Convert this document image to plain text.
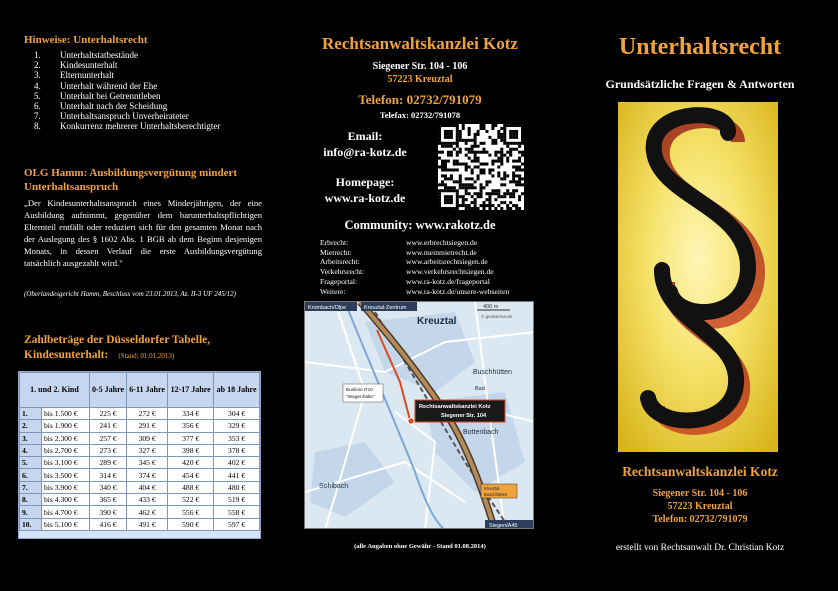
Hinweise: Unterhaltsrecht
1.	Unterhaltstatbestände
2.	Kindesunterhalt
3.	Elternunterhalt
4.	Unterhalt während der Ehe
5.	Unterhalt bei Getrenntleben
6.	Unterhalt nach der Scheidung
7.	Unterhaltsanspruch Unverheirateter
8.	Konkurrenz mehrerer Unterhaltsberechtigter
OLG Hamm: Ausbildungsvergütung mindert Unterhaltsanspruch
„Der Kindesunterhaltsanspruch eines Minderjährigen, der eine Ausbildung aufnimmt, gegenüber dem barunterhaltspflichtigen Elternteil entfällt oder reduziert sich für den gesamten Monat nach der Auslegung des § 1602 Abs. 1 BGB ab dem Beginn desjenigen Monats, in dessen Verlauf die erste Ausbildungsvergütung tatsächlich ausgezahlt wird."
(Oberlandesgericht Hamm, Beschluss vom 23.01.2013, Az. II-3 UF 245/12)
Zahlbeträge der Düsseldorfer Tabelle,
Kindesunterhalt: (Stand: 01.01.2013)
1. und 2. Kind		0-5 Jahre	6-11 Jahre	12-17 Jahre	ab 18 Jahre
1.	bis 1.500 €	225 €	272 €	334 €	304 €
2.	bis 1.900 €	241 €	291 €	356 €	329 €
3.	bis 2.300 €	257 €	309 €	377 €	353 €
4.	bis 2.700 €	273 €	327 €	398 €	378 €
5.	bis 3.100 €	289 €	345 €	420 €	402 €
6.	bis 3.500 €	314 €	374 €	454 €	441 €
7.	bis 3.900 €	340 €	404 €	488 €	480 €
8.	bis 4.300 €	365 €	433 €	522 €	519 €
9.	bis 4.700 €	390 €	462 €	556 €	558 €
10.	bis 5.100 €	416 €	491 €	590 €	597 €
Rechtsanwaltskanzlei Kotz
Siegener Str. 104 - 106
57223 Kreuztal
Telefon: 02732/791079
Telefax: 02732/791078
Email:
info@ra-kotz.de
Homepage:
www.ra-kotz.de
Community: www.rakotz.de
Erbrecht:	www.erbrechtsiegen.de
Mietrecht:	www.meinmietrecht.de
Arbeitsrecht:	www.arbeitsrechtsiegen.de
Verkehrsrecht:	www.verkehrsrechtsiegen.de
Frageportal:	www.ra-kotz.de/frageportal
Weitere:	www.ra-kotz.de/unsere-webseiten
Krombach/Olpe	Kreuztal-Zentrum
Kreuztal
400 m
© geoberma.de
Buschhütten
Bad
Bottenbach
Sohlbach
Buslinie R10
"Wagenhalle"
Rechtsanwaltskanzlei Kotz
Siegener Str. 104
Kreuztal
Buschhütten
Siegen/A45
(alle Angaben ohne Gewähr - Stand 01.08.2014)
Unterhaltsrecht
Grundsätzliche Fragen & Antworten
Rechtsanwaltskanzlei Kotz
Siegener Str. 104 - 106
57223 Kreuztal
Telefon: 02732/791079
erstellt von Rechtsanwalt Dr. Christian Kotz
